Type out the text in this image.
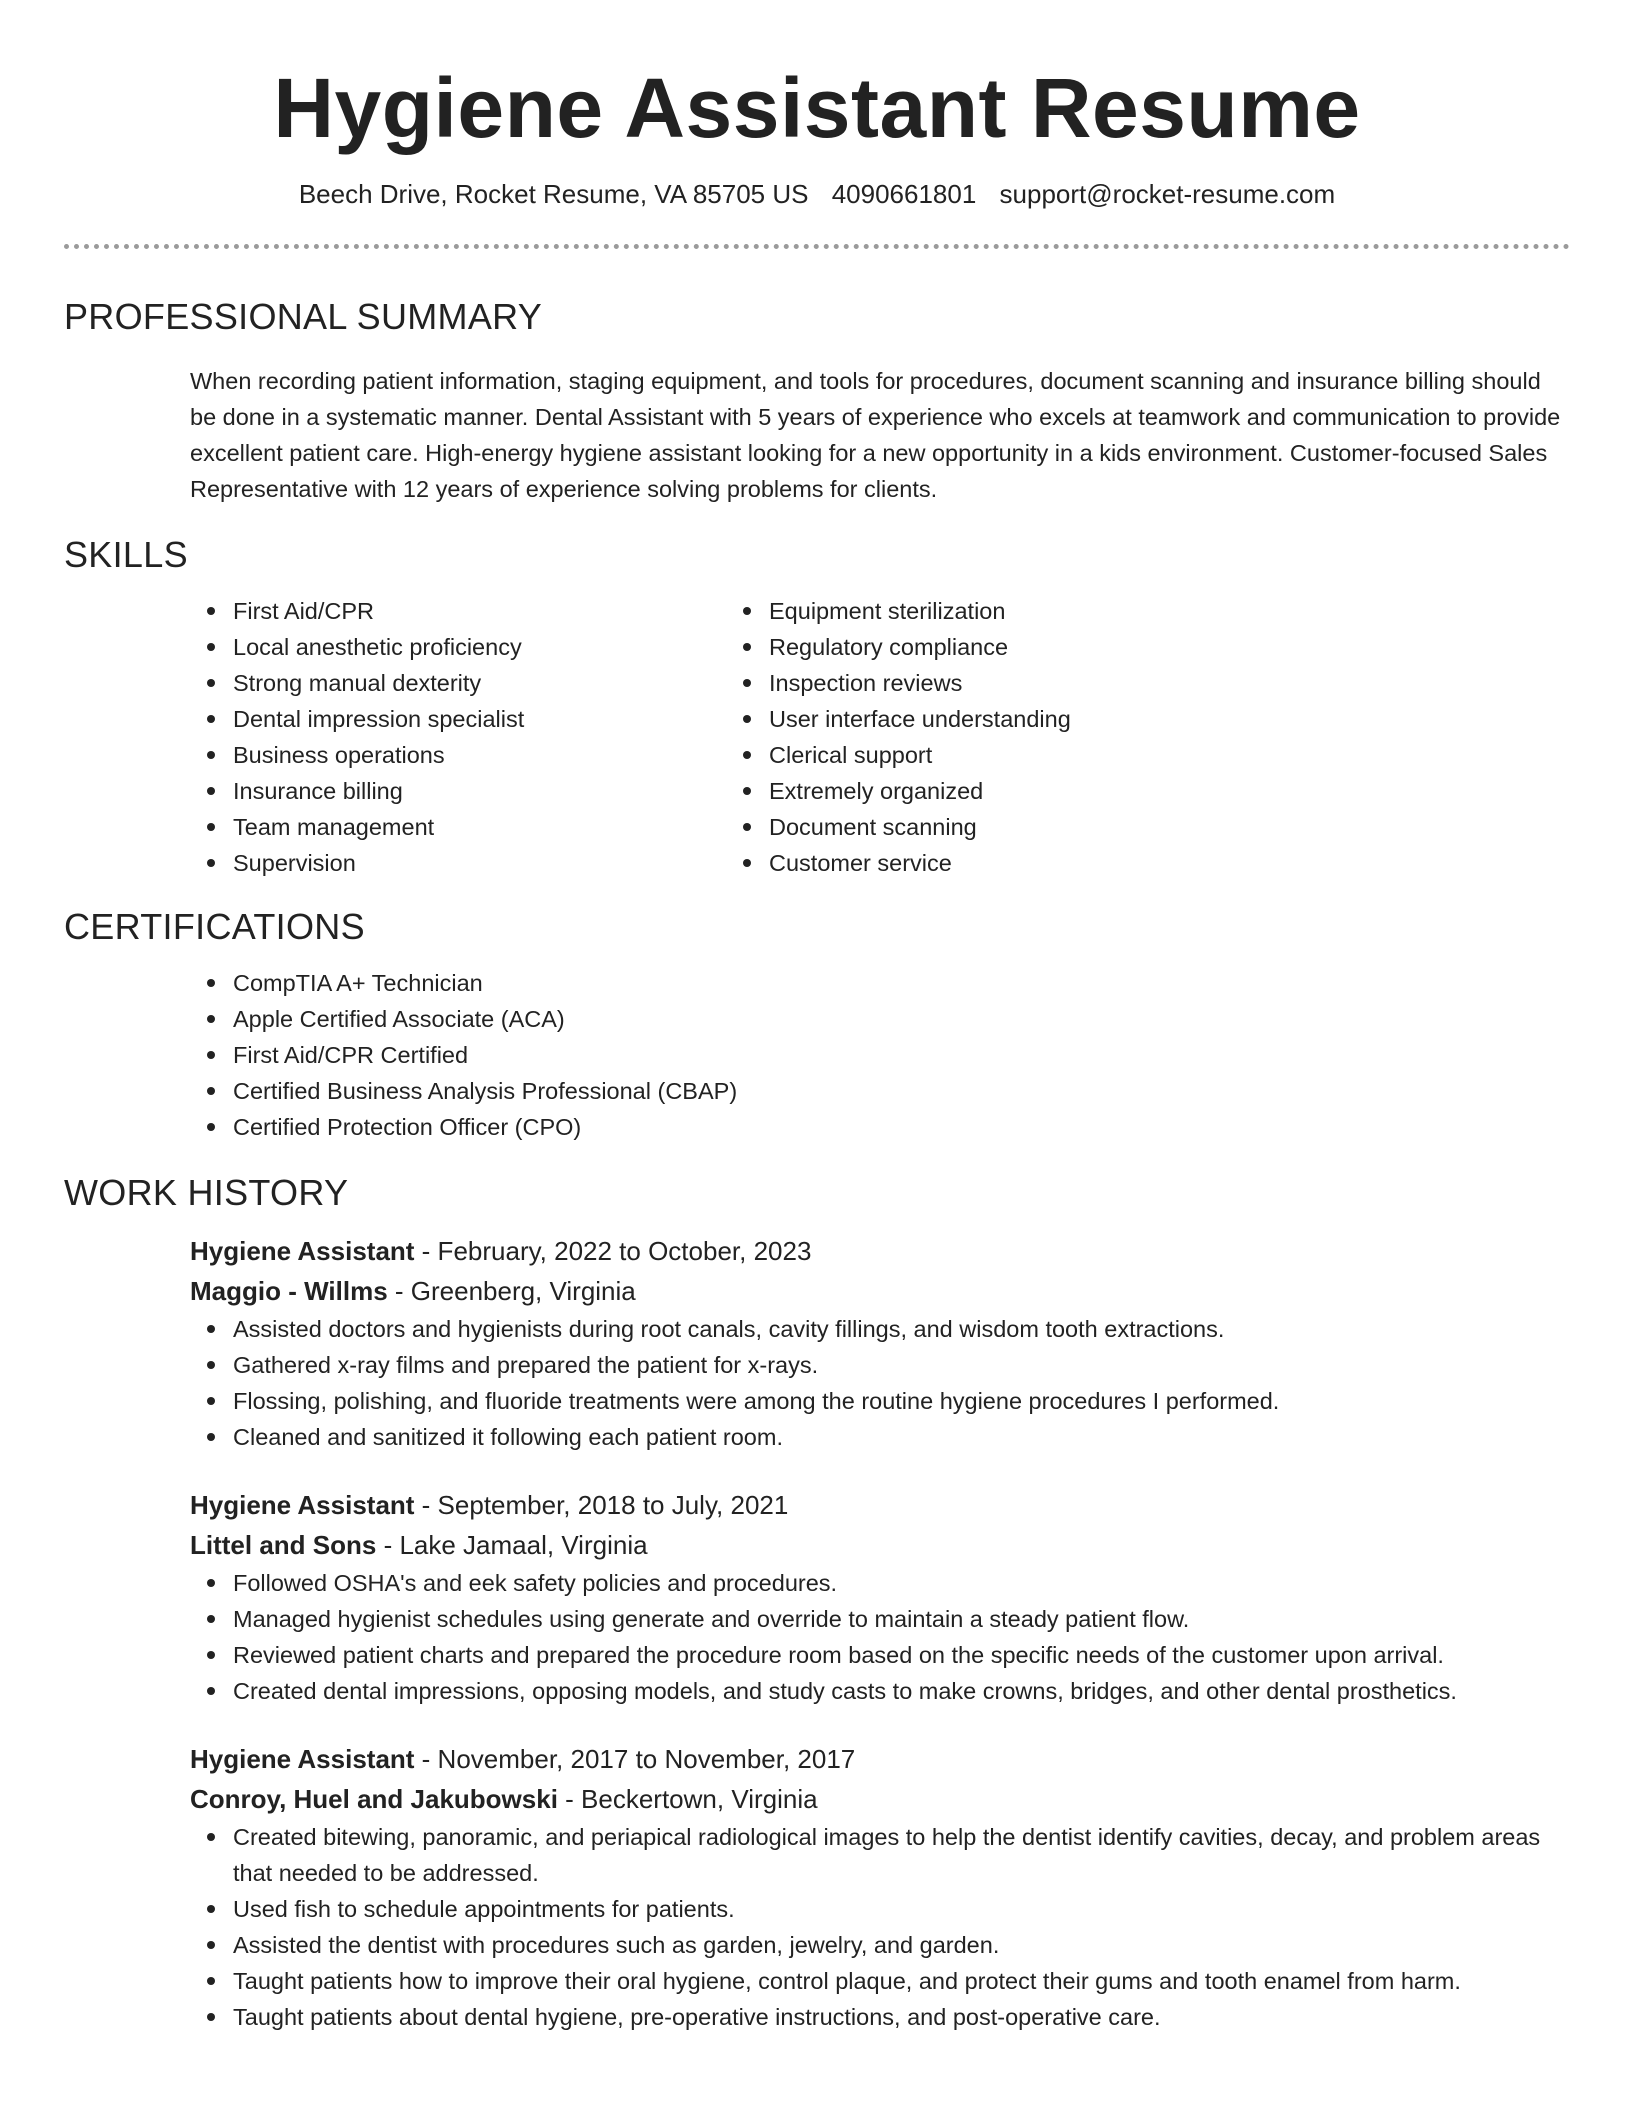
Hygiene Assistant Resume
Beech Drive, Rocket Resume, VA 85705 US 4090661801 support@rocket-resume.com
PROFESSIONAL SUMMARY

When recording patient information, staging equipment, and tools for procedures, document scanning and insurance billing should be done in a systematic manner. Dental Assistant with 5 years of experience who excels at teamwork and communication to provide excellent patient care. High-energy hygiene assistant looking for a new opportunity in a kids environment. Customer-focused Sales Representative with 12 years of experience solving problems for clients.

SKILLS
First Aid/CPR
Local anesthetic proficiency
Strong manual dexterity
Dental impression specialist
Business operations
Insurance billing
Team management
Supervision
Equipment sterilization
Regulatory compliance
Inspection reviews
User interface understanding
Clerical support
Extremely organized
Document scanning
Customer service
CERTIFICATIONS
CompTIA A+ Technician
Apple Certified Associate (ACA)
First Aid/CPR Certified
Certified Business Analysis Professional (CBAP)
Certified Protection Officer (CPO)
WORK HISTORY
Hygiene Assistant - February, 2022 to October, 2023
Maggio - Willms - Greenberg, Virginia
Assisted doctors and hygienists during root canals, cavity fillings, and wisdom tooth extractions.
Gathered x-ray films and prepared the patient for x-rays.
Flossing, polishing, and fluoride treatments were among the routine hygiene procedures I performed.
Cleaned and sanitized it following each patient room.
Hygiene Assistant - September, 2018 to July, 2021
Littel and Sons - Lake Jamaal, Virginia
Followed OSHA's and eek safety policies and procedures.
Managed hygienist schedules using generate and override to maintain a steady patient flow.
Reviewed patient charts and prepared the procedure room based on the specific needs of the customer upon arrival.
Created dental impressions, opposing models, and study casts to make crowns, bridges, and other dental prosthetics.
Hygiene Assistant - November, 2017 to November, 2017
Conroy, Huel and Jakubowski - Beckertown, Virginia
Created bitewing, panoramic, and periapical radiological images to help the dentist identify cavities, decay, and problem areas that needed to be addressed.
Used fish to schedule appointments for patients.
Assisted the dentist with procedures such as garden, jewelry, and garden.
Taught patients how to improve their oral hygiene, control plaque, and protect their gums and tooth enamel from harm.
Taught patients about dental hygiene, pre-operative instructions, and post-operative care.
